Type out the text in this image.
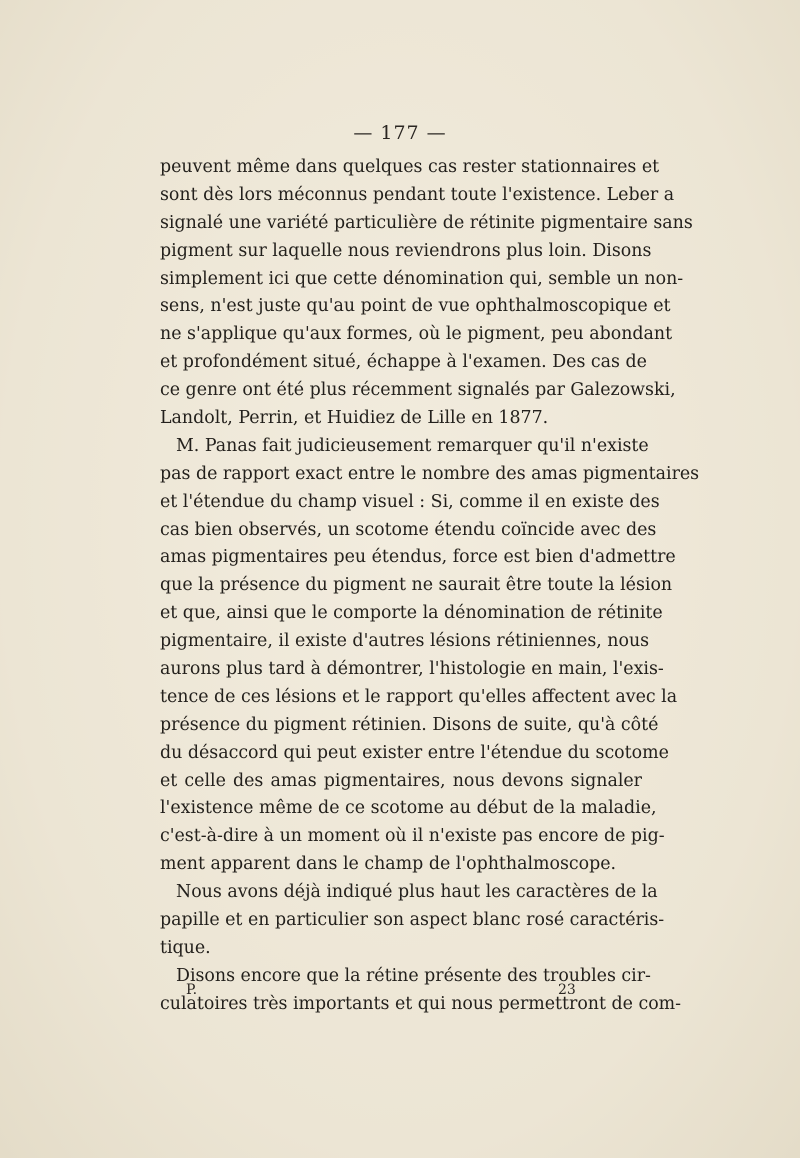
— 177 —
peuvent même dans quelques cas rester stationnaires et
sont dès lors méconnus pendant toute l'existence. Leber a
signalé une variété particulière de rétinite pigmentaire sans
pigment sur laquelle nous reviendrons plus loin. Disons
simplement ici que cette dénomination qui, semble un non-
sens, n'est juste qu'au point de vue ophthalmoscopique et
ne s'applique qu'aux formes, où le pigment, peu abondant
et profondément situé, échappe à l'examen. Des cas de
ce genre ont été plus récemment signalés par Galezowski,
Landolt, Perrin, et Huidiez de Lille en 1877.
M. Panas fait judicieusement remarquer qu'il n'existe
pas de rapport exact entre le nombre des amas pigmentaires
et l'étendue du champ visuel : Si, comme il en existe des
cas bien observés, un scotome étendu coïncide avec des
amas pigmentaires peu étendus, force est bien d'admettre
que la présence du pigment ne saurait être toute la lésion
et que, ainsi que le comporte la dénomination de rétinite
pigmentaire, il existe d'autres lésions rétiniennes, nous
aurons plus tard à démontrer, l'histologie en main, l'exis-
tence de ces lésions et le rapport qu'elles affectent avec la
présence du pigment rétinien. Disons de suite, qu'à côté
du désaccord qui peut exister entre l'étendue du scotome
et celle des amas pigmentaires, nous devons signaler
l'existence même de ce scotome au début de la maladie,
c'est-à-dire à un moment où il n'existe pas encore de pig-
ment apparent dans le champ de l'ophthalmoscope.
Nous avons déjà indiqué plus haut les caractères de la
papille et en particulier son aspect blanc rosé caractéris-
tique.
Disons encore que la rétine présente des troubles cir-
culatoires très importants et qui nous permettront de com-
P.	23
